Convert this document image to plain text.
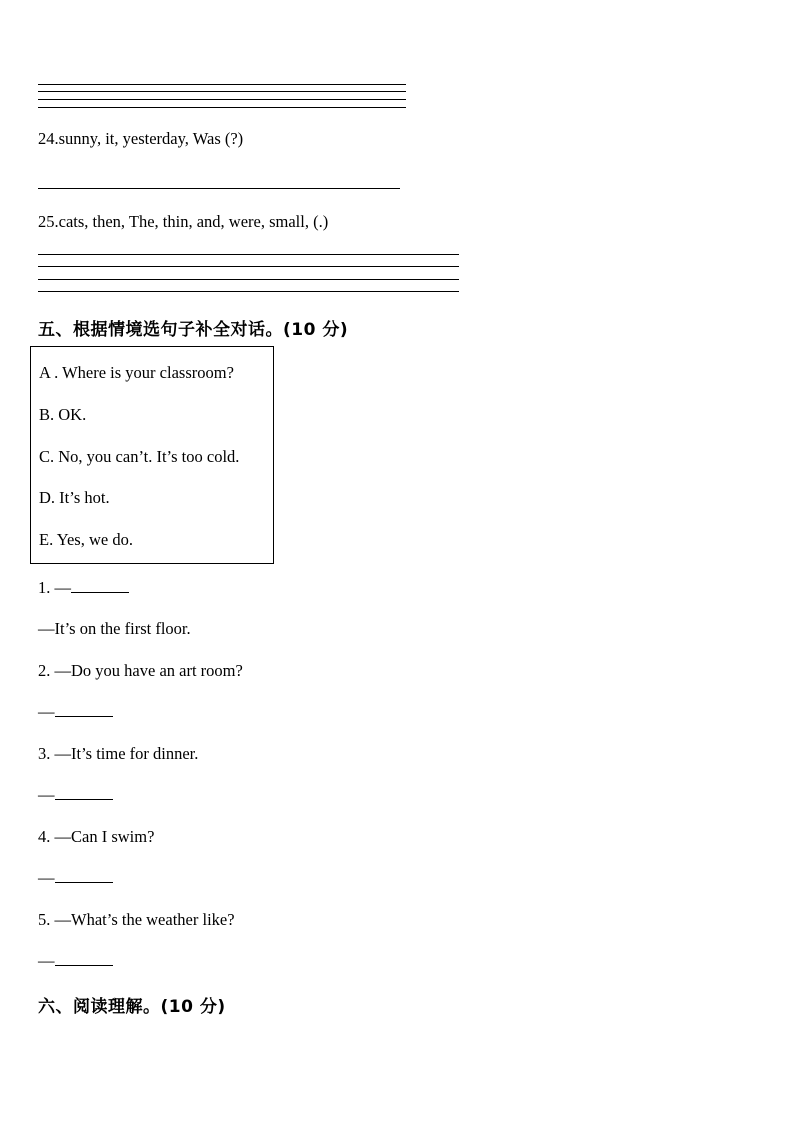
24.sunny, it, yesterday, Was (?)
25.cats, then, The, thin, and, were, small, (.)
五、根据情境选句子补全对话。(10 分)
A . Where is your classroom?
B. OK.
C. No, you can’t. It’s too cold.
D. It’s hot.
E. Yes, we do.
1. —
—It’s on the first floor.
2. —Do you have an art room?
—
3. —It’s time for dinner.
—
4. —Can I swim?
—
5. —What’s the weather like?
—
六、阅读理解。(10 分)
